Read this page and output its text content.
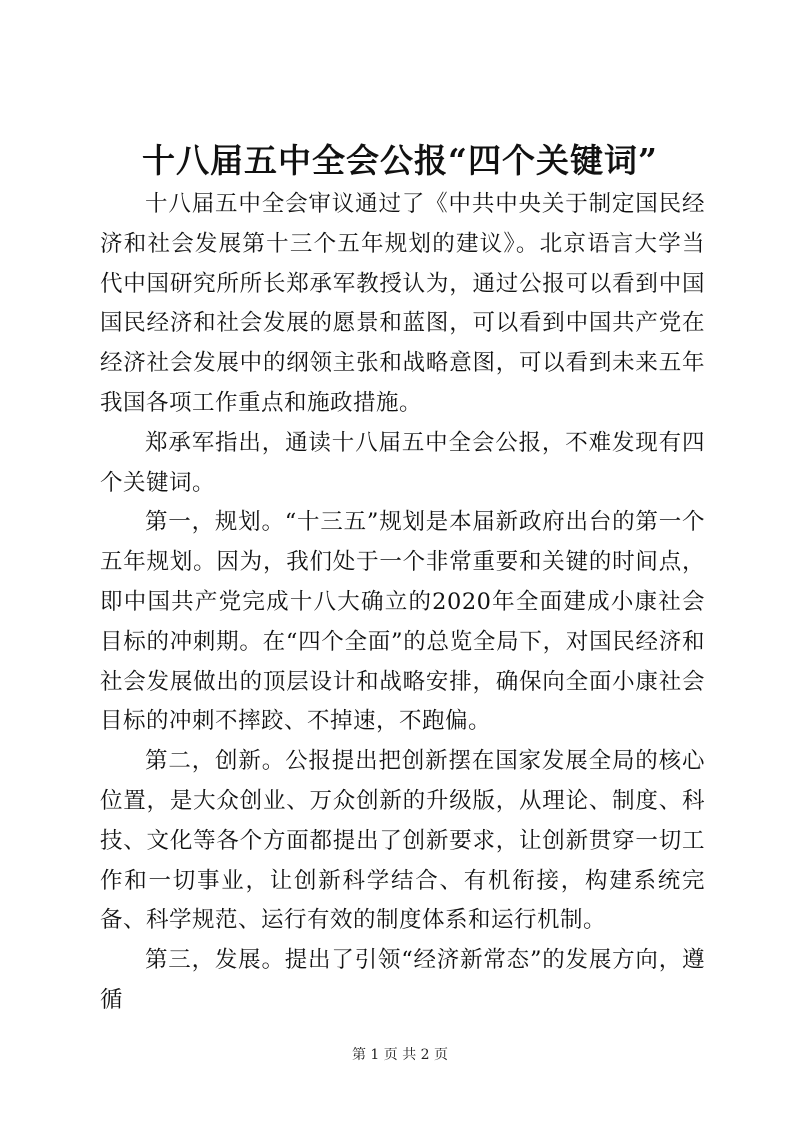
十八届五中全会公报“四个关键词”

十八届五中全会审议通过了《中共中央关于制定国民经济和社会发展第十三个五年规划的建议》。北京语言大学当代中国研究所所长郑承军教授认为，通过公报可以看到中国国民经济和社会发展的愿景和蓝图，可以看到中国共产党在经济社会发展中的纲领主张和战略意图，可以看到未来五年我国各项工作重点和施政措施。

郑承军指出，通读十八届五中全会公报，不难发现有四个关键词。

第一，规划。“十三五”规划是本届新政府出台的第一个五年规划。因为，我们处于一个非常重要和关键的时间点，即中国共产党完成十八大确立的2020年全面建成小康社会目标的冲刺期。在“四个全面”的总览全局下，对国民经济和社会发展做出的顶层设计和战略安排，确保向全面小康社会目标的冲刺不摔跤、不掉速，不跑偏。

第二，创新。公报提出把创新摆在国家发展全局的核心位置，是大众创业、万众创新的升级版，从理论、制度、科技、文化等各个方面都提出了创新要求，让创新贯穿一切工作和一切事业，让创新科学结合、有机衔接，构建系统完备、科学规范、运行有效的制度体系和运行机制。

第三，发展。提出了引领“经济新常态”的发展方向，遵循

第 1 页 共 2 页
